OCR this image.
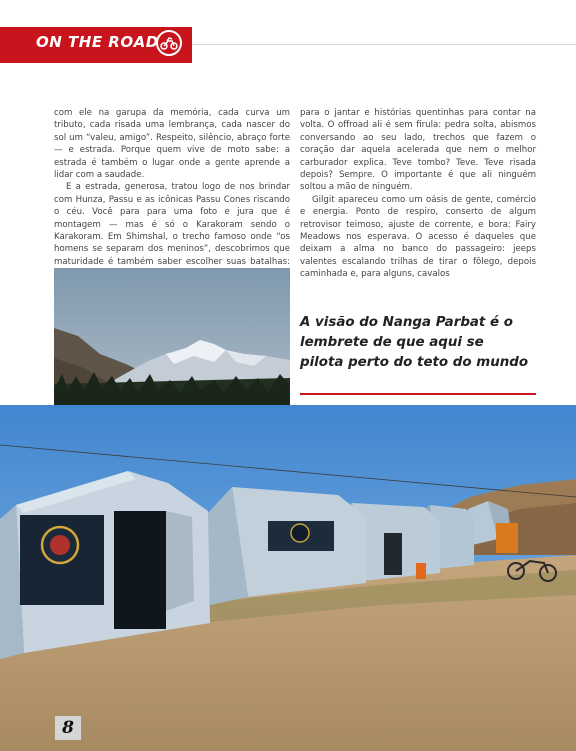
ON THE ROAD

com ele na garupa da memória, cada curva um tributo, cada risada uma lembrança, cada nascer do sol um “valeu, amigo”. Respeito, silêncio, abraço forte — e estrada. Porque quem vive de moto sabe: a estrada é também o lugar onde a gente aprende a lidar com a saudade.

E a estrada, generosa, tratou logo de nos brindar com Hunza, Passu e as icônicas Passu Cones riscando o céu. Você para para uma foto e jura que é montagem — mas é só o Karakoram sendo o Karakoram. Em Shimshal, o trecho famoso onde “os homens se separam dos meninos”, descobrimos que maturidade é também saber escolher suas batalhas:

para o jantar e histórias quentinhas para contar na volta. O offroad ali é sem firula: pedra solta, abismos conversando ao seu lado, trechos que fazem o coração dar aquela acelerada que nem o melhor carburador explica. Teve tombo? Teve. Teve risada depois? Sempre. O importante é que ali ninguém soltou a mão de ninguém.

Gilgit apareceu como um oásis de gente, comércio e energia. Ponto de respiro, conserto de algum retrovisor teimoso, ajuste de corrente, e bora: Fairy Meadows nos esperava. O acesso é daqueles que deixam a alma no banco do passageiro: jeeps valentes escalando trilhas de tirar o fôlego, depois caminhada e, para alguns, cavalos

A visão do Nanga Parbat é o lembrete de que aqui se pilota perto do teto do mundo
8
